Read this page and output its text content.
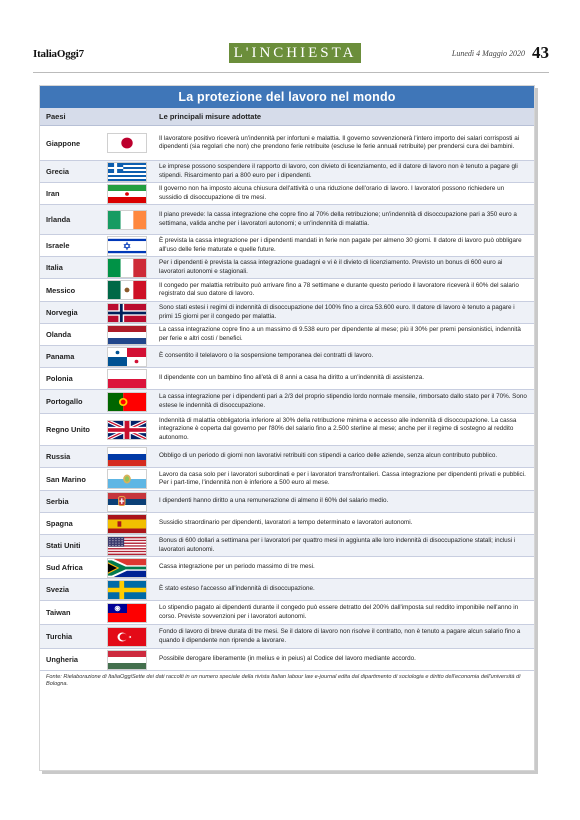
ItaliaOggi7	L'INCHIESTA	Lunedì 4 Maggio 2020 43
La protezione del lavoro nel mondo
Paesi	Le principali misure adottate
Giappone
Il lavoratore positivo riceverà un'indennità per infortuni e malattia. Il governo sovvenzionerà l'intero importo dei salari corrisposti ai dipendenti (sia regolari che non) che prendono ferie retribuite (escluse le ferie annuali retribuite) per prendersi cura dei bambini.
Grecia
Le imprese possono sospendere il rapporto di lavoro, con divieto di licenziamento, ed il datore di lavoro non è tenuto a pagare gli stipendi. Risarcimento pari a 800 euro per i dipendenti.
Iran
Il governo non ha imposto alcuna chiusura dell'attività o una riduzione dell'orario di lavoro. I lavoratori possono richiedere un sussidio di disoccupazione di tre mesi.
Irlanda
Il piano prevede: la cassa integrazione che copre fino al 70% della retribuzione; un'indennità di disoccupazione pari a 350 euro a settimana, valida anche per i lavoratori autonomi; e un'indennità di malattia.
Israele
È prevista la cassa integrazione per i dipendenti mandati in ferie non pagate per almeno 30 giorni. Il datore di lavoro può obbligare all'uso delle ferie maturate e quelle future.
Italia
Per i dipendenti è prevista la cassa integrazione guadagni e vi è il divieto di licenziamento. Previsto un bonus di 600 euro ai lavoratori autonomi e stagionali.
Messico
Il congedo per malattia retribuito può arrivare fino a 78 settimane e durante questo periodo il lavoratore riceverà il 60% del salario registrato dal suo datore di lavoro.
Norvegia
Sono stati estesi i regimi di indennità di disoccupazione del 100% fino a circa 53.600 euro. Il datore di lavoro è tenuto a pagare i primi 15 giorni per il congedo per malattia.
Olanda
La cassa integrazione copre fino a un massimo di 9.538 euro per dipendente al mese; più il 30% per premi pensionistici, indennità per ferie e altri costi / benefici.
Panama	È consentito il telelavoro o la sospensione temporanea dei contratti di lavoro.
Polonia	Il dipendente con un bambino fino all'età di 8 anni a casa ha diritto a un'indennità di assistenza.
Portogallo
La cassa integrazione per i dipendenti pari a 2/3 del proprio stipendio lordo normale mensile, rimborsato dallo stato per il 70%. Sono estese le indennità di disoccupazione.
Regno Unito
Indennità di malattia obbligatoria inferiore al 30% della retribuzione minima e accesso alle indennità di disoccupazione. La cassa integrazione è coperta dal governo per l'80% del salario fino a 2.500 sterline al mese; anche per il regime di sostegno al reddito autonomo.
Russia	Obbligo di un periodo di giorni non lavorativi retribuiti con stipendi a carico delle aziende, senza alcun contributo pubblico.
San Marino
Lavoro da casa solo per i lavoratori subordinati e per i lavoratori transfrontalieri. Cassa integrazione per dipendenti privati e pubblici. Per i part-time, l'indennità non è inferiore a 500 euro al mese.
Serbia	I dipendenti hanno diritto a una remunerazione di almeno il 60% del salario medio.
Spagna	Sussidio straordinario per dipendenti, lavoratori a tempo determinato e lavoratori autonomi.
Stati Uniti
Bonus di 600 dollari a settimana per i lavoratori per quattro mesi in aggiunta alle loro indennità di disoccupazione statali; inclusi i lavoratori autonomi.
Sud Africa	Cassa integrazione per un periodo massimo di tre mesi.
Svezia	È stato esteso l'accesso all'indennità di disoccupazione.
Taiwan
Lo stipendio pagato ai dipendenti durante il congedo può essere detratto del 200% dall'imposta sul reddito imponibile nell'anno in corso. Previste sovvenzioni per i lavoratori autonomi.
Turchia
Fondo di lavoro di breve durata di tre mesi. Se il datore di lavoro non risolve il contratto, non è tenuto a pagare alcun salario fino a quando il dipendente non riprende a lavorare.
Ungheria	Possibile derogare liberamente (in melius e in peius) al Codice del lavoro mediante accordo.
Fonte: Rielaborazione di ItaliaOggiSette dei dati raccolti in un numero speciale della rivista Italian labour law e-journal edita dal dipartimento di sociologia e diritto dell'economia dell'università di Bologna.
